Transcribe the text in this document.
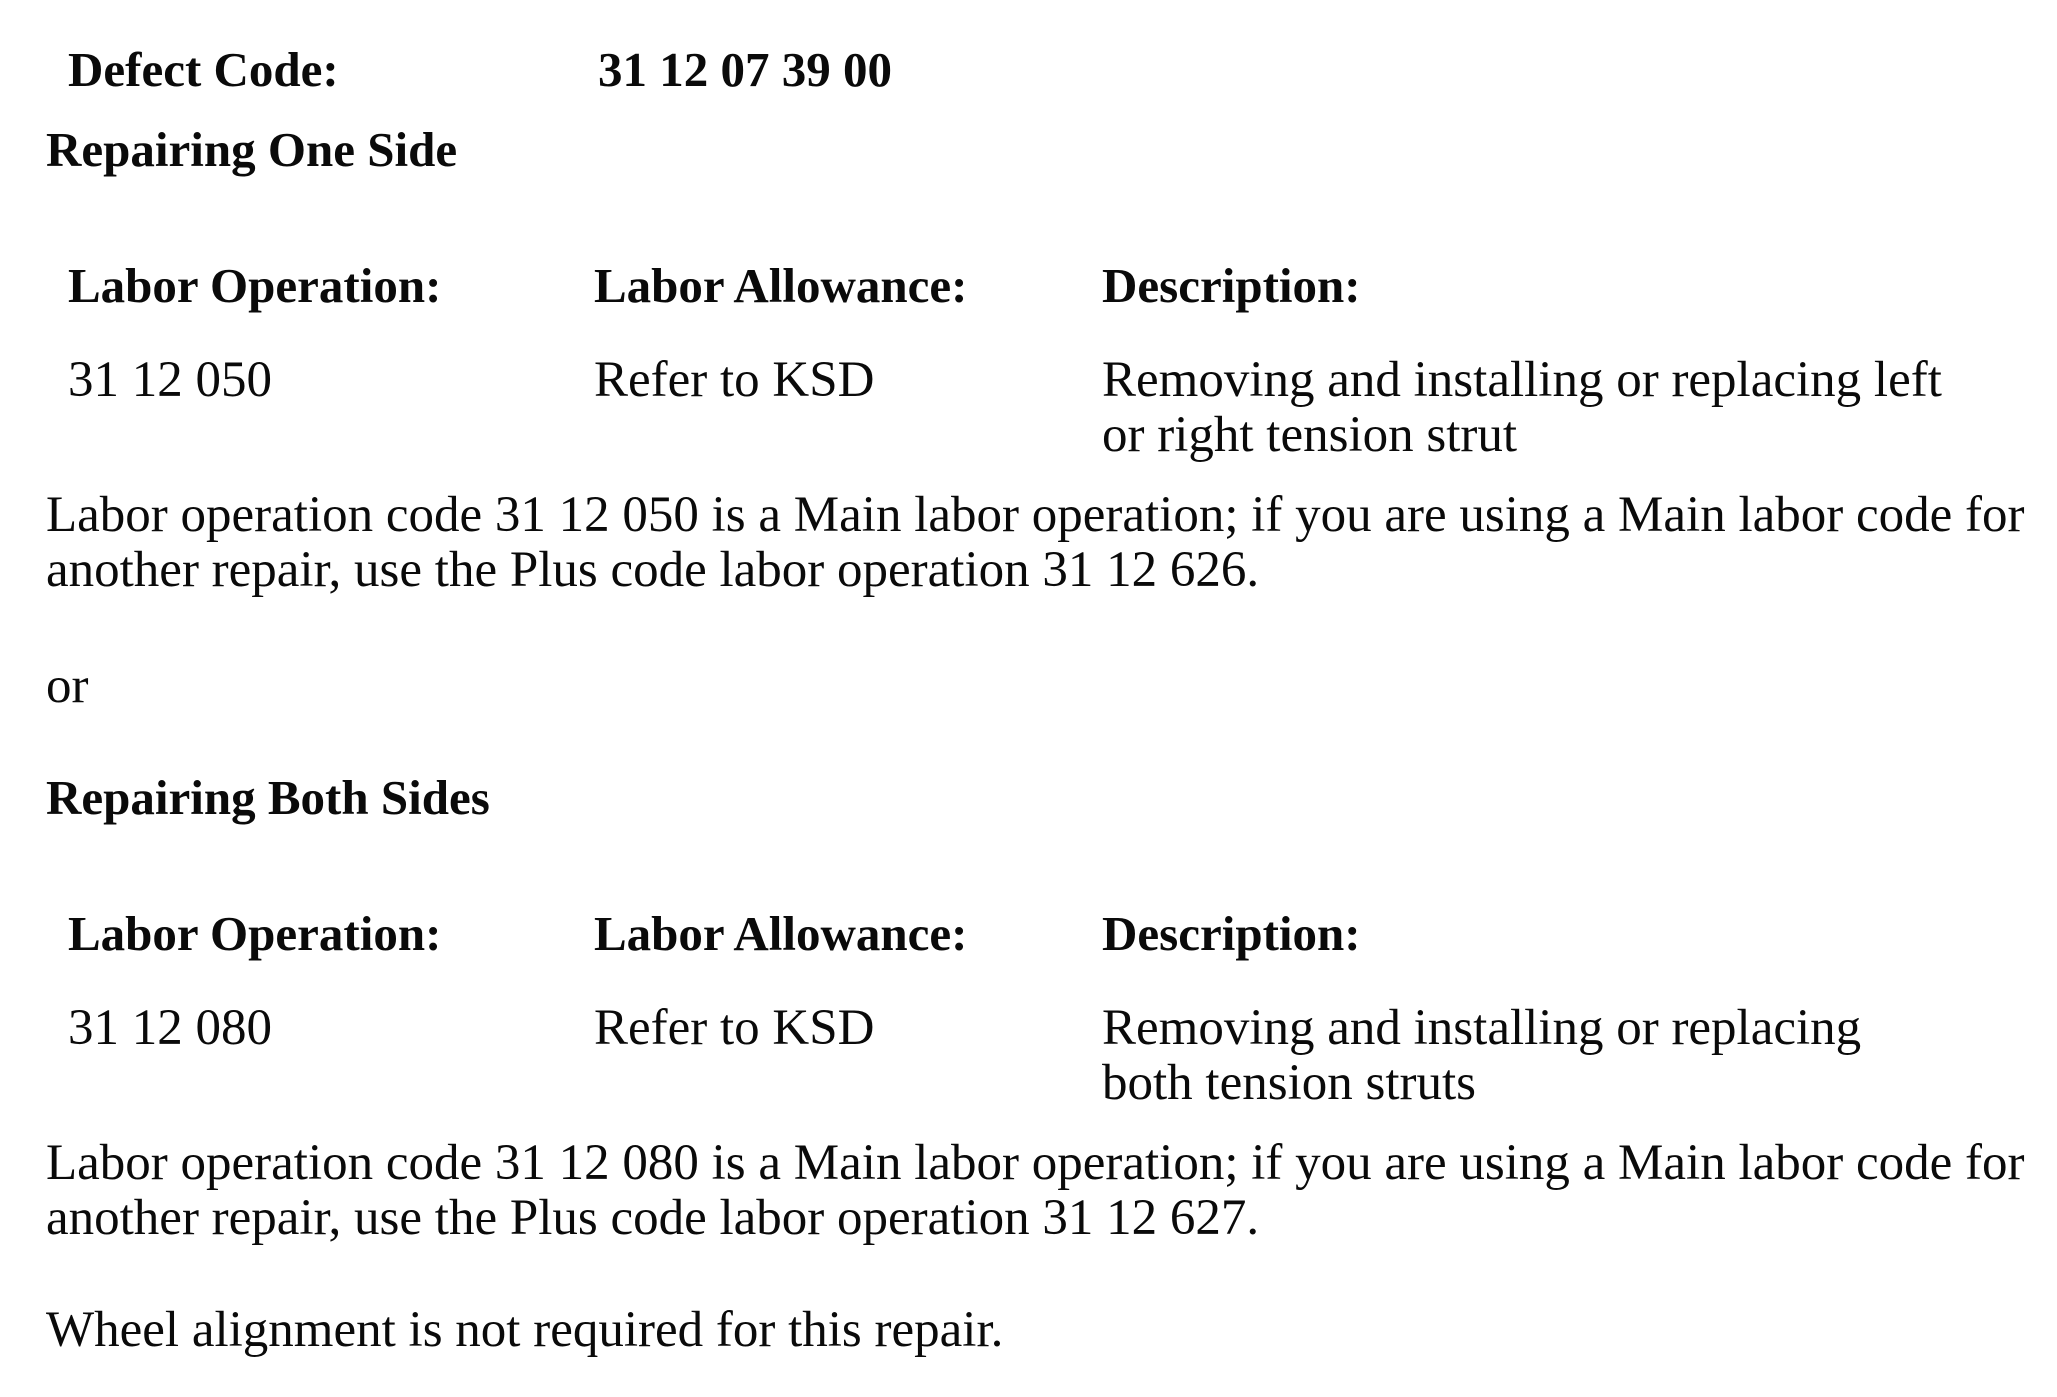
Defect Code:	31 12 07 39 00
Repairing One Side
Labor Operation:	Labor Allowance:	Description:
31 12 050	Refer to KSD	Removing and installing or replacing left
or right tension strut
Labor operation code 31 12 050 is a Main labor operation; if you are using a Main labor code for
another repair, use the Plus code labor operation 31 12 626.
or
Repairing Both Sides
Labor Operation:	Labor Allowance:	Description:
31 12 080	Refer to KSD	Removing and installing or replacing
both tension struts
Labor operation code 31 12 080 is a Main labor operation; if you are using a Main labor code for
another repair, use the Plus code labor operation 31 12 627.
Wheel alignment is not required for this repair.
